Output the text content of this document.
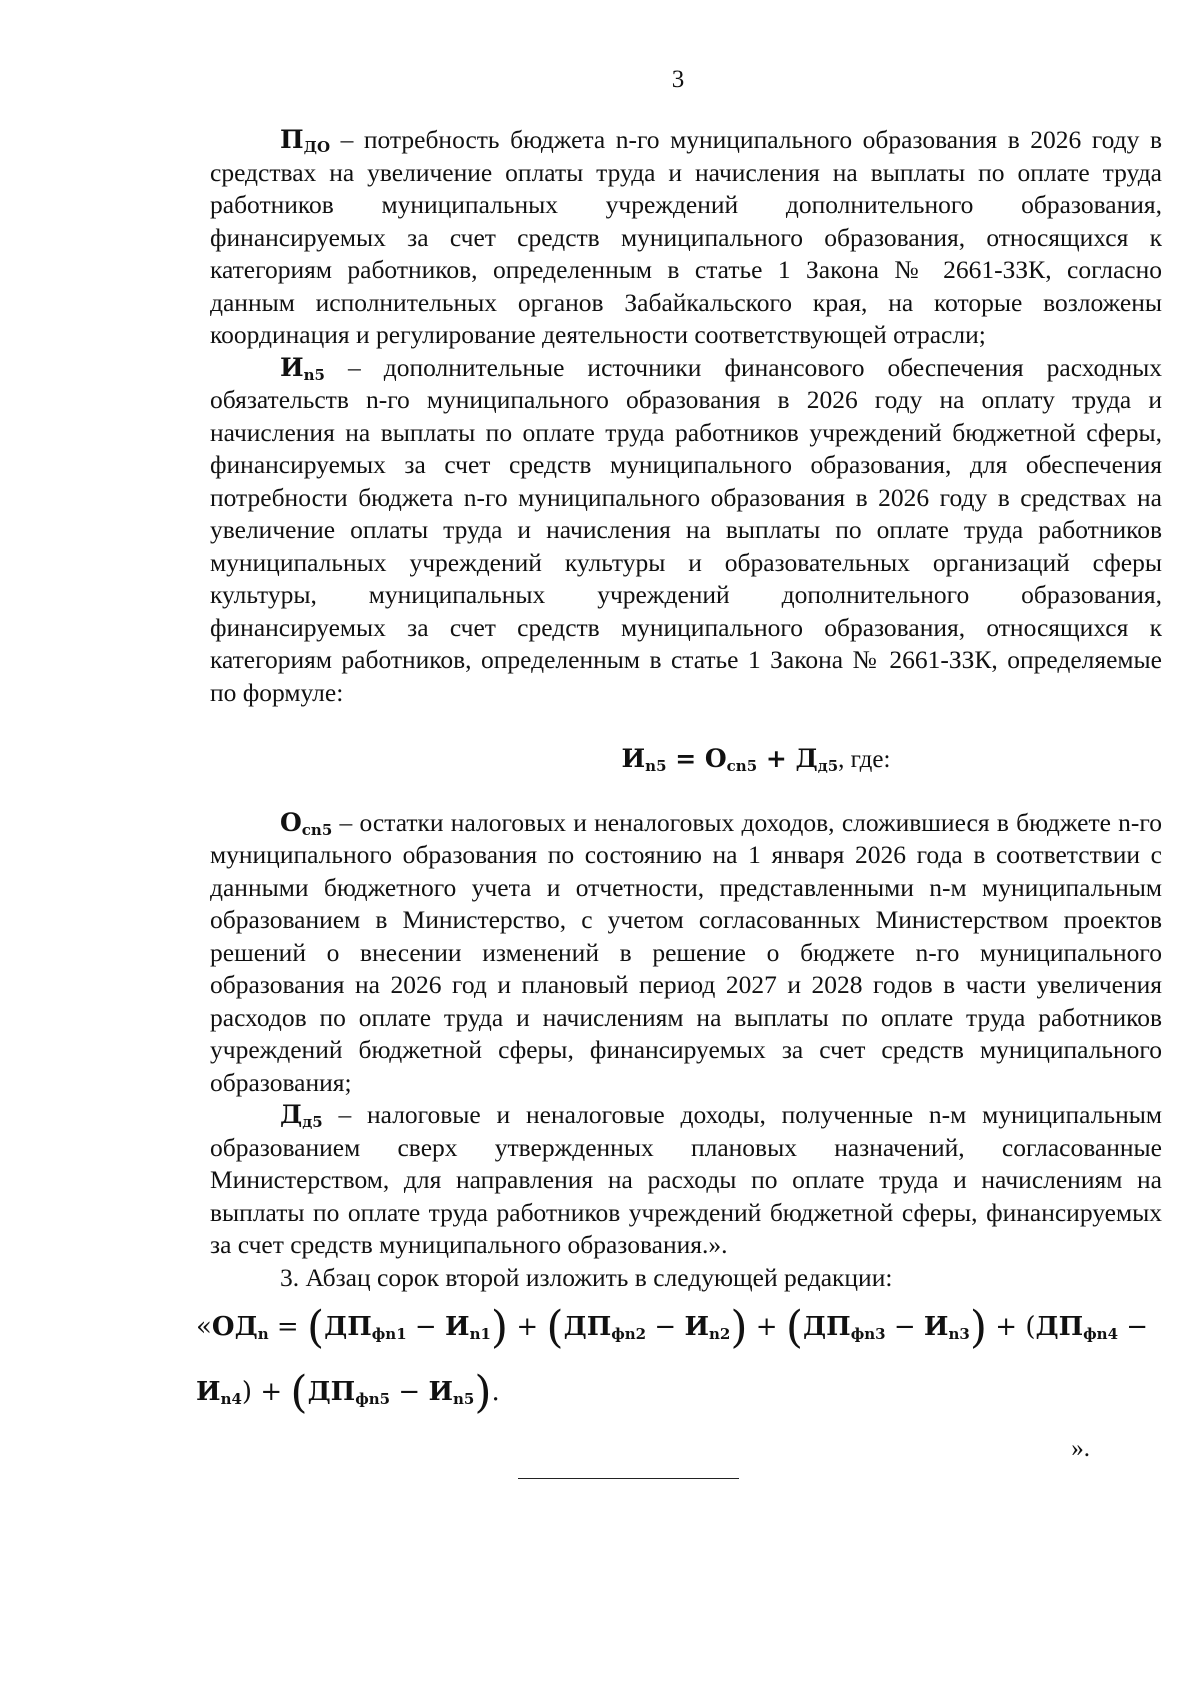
3

$П_{ДО}$ – потребность бюджета n-го муниципального образования в 2026 году в средствах на увеличение оплаты труда и начисления на выплаты по оплате труда работников муниципальных учреждений дополнительного образования, финансируемых за счет средств муниципального образования, относящихся к категориям работников, определенным в статье 1 Закона № 2661-ЗЗК, согласно данным исполнительных органов Забайкальского края, на которые возложены координация и регулирование деятельности соответствующей отрасли;

$И_{n5}$ – дополнительные источники финансового обеспечения расходных обязательств n-го муниципального образования в 2026 году на оплату труда и начисления на выплаты по оплате труда работников учреждений бюджетной сферы, финансируемых за счет средств муниципального образования, для обеспечения потребности бюджета n-го муниципального образования в 2026 году в средствах на увеличение оплаты труда и начисления на выплаты по оплате труда работников муниципальных учреждений культуры и образовательных организаций сферы культуры, муниципальных учреждений дополнительного образования, финансируемых за счет средств муниципального образования, относящихся к категориям работников, определенным в статье 1 Закона № 2661-ЗЗК, определяемые по формуле:

$И_{n5} = О_{сn5} + Д_{д5}$, где:

$О_{сn5}$ – остатки налоговых и неналоговых доходов, сложившиеся в бюджете n-го муниципального образования по состоянию на 1 января 2026 года в соответствии с данными бюджетного учета и отчетности, представленными n-м муниципальным образованием в Министерство, с учетом согласованных Министерством проектов решений о внесении изменений в решение о бюджете n-го муниципального образования на 2026 год и плановый период 2027 и 2028 годов в части увеличения расходов по оплате труда и начислениям на выплаты по оплате труда работников учреждений бюджетной сферы, финансируемых за счет средств муниципального образования;

$Д_{д5}$ – налоговые и неналоговые доходы, полученные n-м муниципальным образованием сверх утвержденных плановых назначений, согласованные Министерством, для направления на расходы по оплате труда и начислениям на выплаты по оплате труда работников учреждений бюджетной сферы, финансируемых за счет средств муниципального образования.».

3. Абзац сорок второй изложить в следующей редакции:

«$ОД_n = (ДП_{фn1} - И_{n1}) + (ДП_{фn2} - И_{n2}) + (ДП_{фn3} - И_{n3}) + (ДП_{фn4}$ −
$И_{n4}) + (ДП_{фn5} - И_{n5})$.
».
